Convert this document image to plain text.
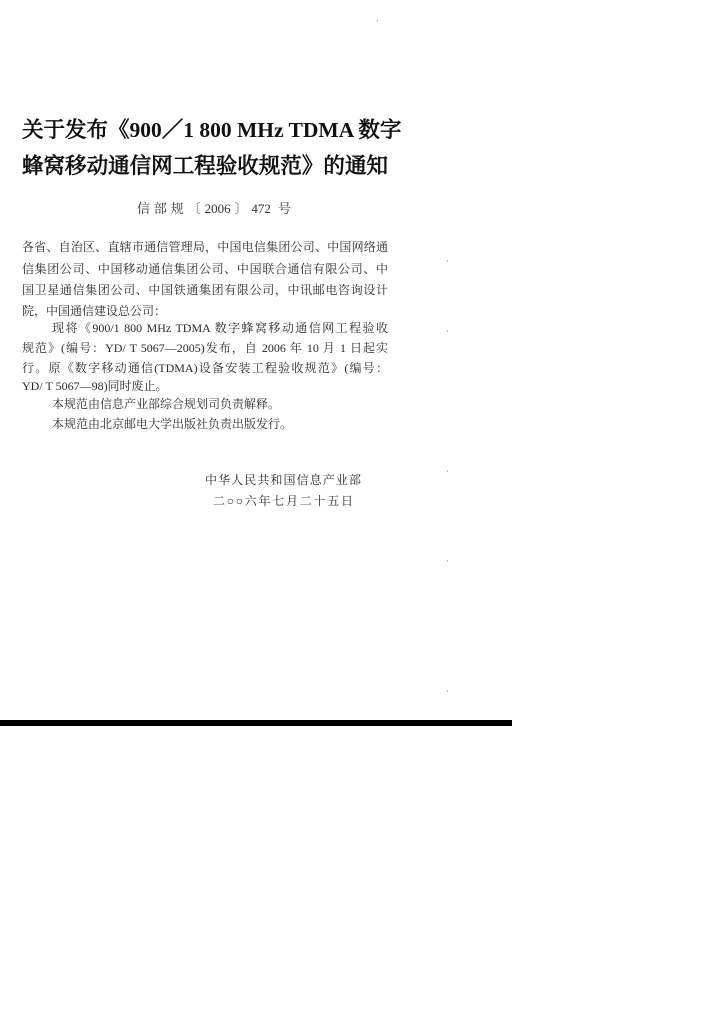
关于发布《900／1 800 MHz TDMA 数字
蜂窝移动通信网工程验收规范》的通知
信部规〔2006〕472 号
各省、自治区、直辖市通信管理局，中国电信集团公司、中国网络通
信集团公司、中国移动通信集团公司、中国联合通信有限公司、中
国卫星通信集团公司、中国铁通集团有限公司，中讯邮电咨询设计
院，中国通信建设总公司：
现将《900/1 800 MHz TDMA 数字蜂窝移动通信网工程验收
规范》(编号：YD/ T 5067—2005)发布，自 2006 年 10 月 1 日起实
行。原《数字移动通信(TDMA)设备安装工程验收规范》(编号：
YD/ T 5067—98)同时废止。
本规范由信息产业部综合规划司负责解释。
本规范由北京邮电大学出版社负责出版发行。
中华人民共和国信息产业部
二○○六年七月二十五日
